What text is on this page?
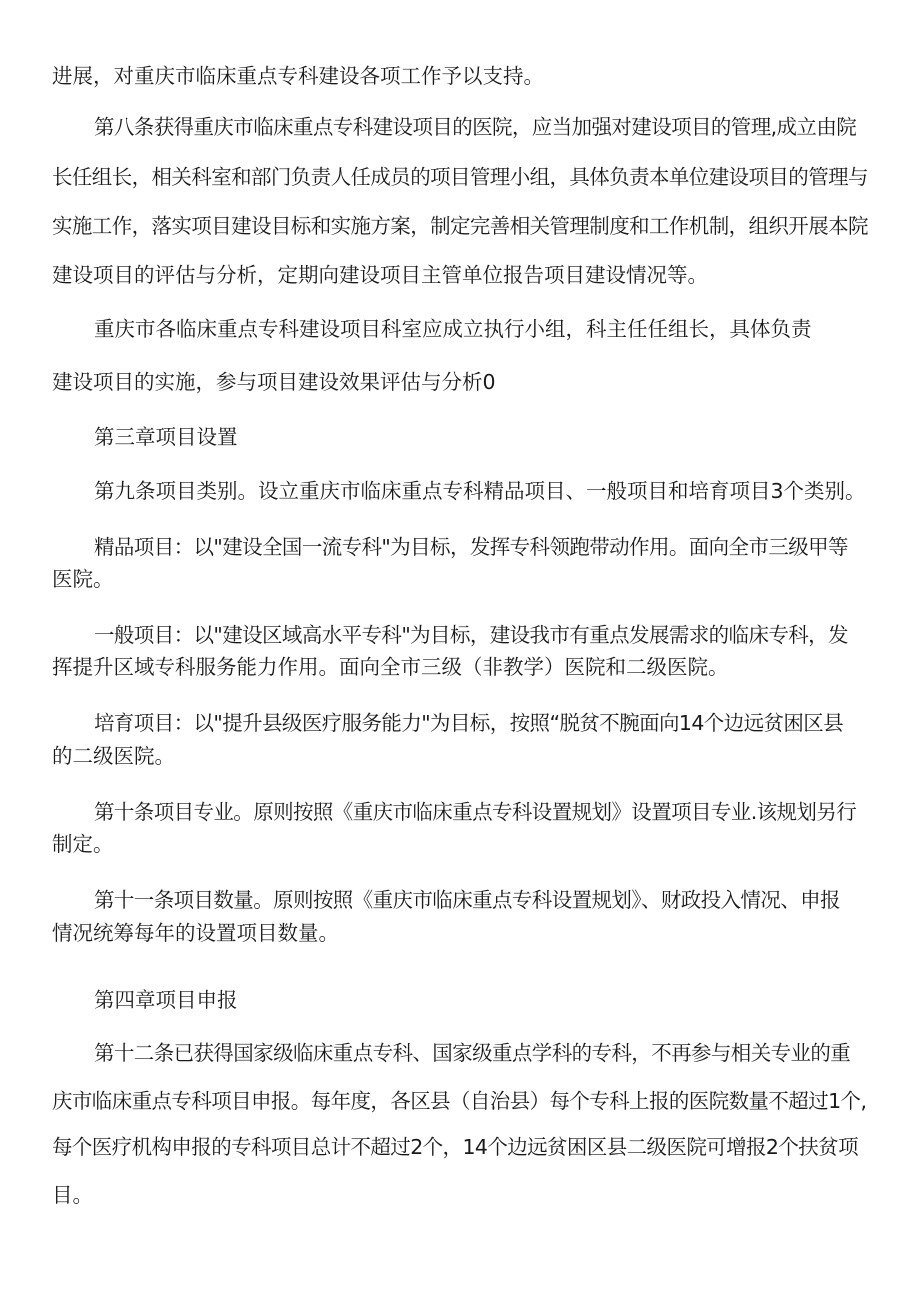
进展，对重庆市临床重点专科建设各项工作予以支持。
第八条获得重庆市临床重点专科建设项目的医院，应当加强对建设项目的管理,成立由院
长任组长，相关科室和部门负责人任成员的项目管理小组，具体负责本单位建设项目的管理与
实施工作，落实项目建设目标和实施方案，制定完善相关管理制度和工作机制，组织开展本院
建设项目的评估与分析，定期向建设项目主管单位报告项目建设情况等。
重庆市各临床重点专科建设项目科室应成立执行小组，科主任任组长，具体负责
建设项目的实施，参与项目建设效果评估与分析0
第三章项目设置
第九条项目类别。设立重庆市临床重点专科精品项目、一般项目和培育项目3个类别。
精品项目：以"建设全国一流专科"为目标，发挥专科领跑带动作用。面向全市三级甲等
医院。
一般项目：以"建设区域高水平专科"为目标，建设我市有重点发展需求的临床专科，发
挥提升区域专科服务能力作用。面向全市三级（非教学）医院和二级医院。
培育项目：以"提升县级医疗服务能力"为目标，按照“脱贫不腕面向14个边远贫困区县
的二级医院。
第十条项目专业。原则按照《重庆市临床重点专科设置规划》设置项目专业.该规划另行
制定。
第十一条项目数量。原则按照《重庆市临床重点专科设置规划》、财政投入情况、申报
情况统筹每年的设置项目数量。
第四章项目申报
第十二条已获得国家级临床重点专科、国家级重点学科的专科，不再参与相关专业的重
庆市临床重点专科项目申报。每年度，各区县（自治县）每个专科上报的医院数量不超过1个,
每个医疗机构申报的专科项目总计不超过2个，14个边远贫困区县二级医院可增报2个扶贫项
目。
